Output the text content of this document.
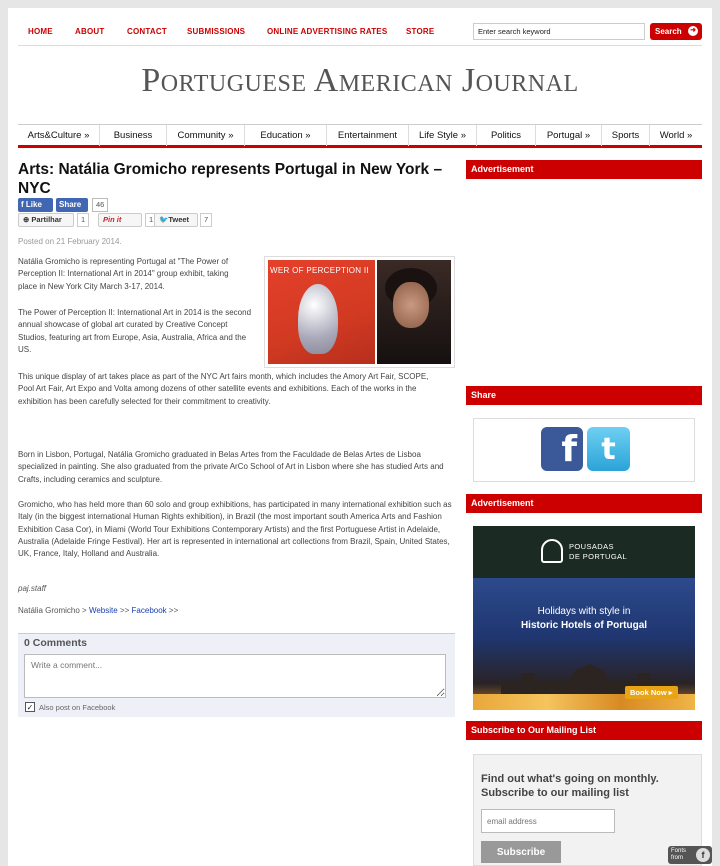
HOME	ABOUT	CONTACT	SUBMISSIONS	ONLINE ADVERTISING RATES STORE
Enter search keyword	Search ➜
Portuguese American Journal
Arts&Culture »	Business	Community »	Education »	Entertainment	Life Style »	Politics	Portugal »	Sports	World »
Arts: Natália Gromicho represents Portugal in New York – NYC
f Like	Share	46
⊕ Partilhar	1	Pin it	1 🐦Tweet	7
Posted on 21 February 2014.
WER OF PERCEPTION II
Natália Gromicho is representing Portugal at "The Power of Perception II: International Art in 2014" group exhibit, taking place in New York City March 3-17, 2014.
The Power of Perception II: International Art in 2014 is the second annual showcase of global art curated by Creative Concept Studios, featuring art from Europe, Asia, Australia, Africa and the US.
This unique display of art takes place as part of the NYC Art fairs month, which includes the Amory Art Fair, SCOPE, Pool Art Fair, Art Expo and Volta among dozens of other satellite events and exhibitions. Each of the works in the exhibition has been carefully selected for their commitment to creativity.
Born in Lisbon, Portugal, Natália Gromicho graduated in Belas Artes from the Faculdade de Belas Artes de Lisboa specialized in painting. She also graduated from the private ArCo School of Art in Lisbon where she has studied Arts and Crafts, including ceramics and sculpture.
Gromicho, who has held more than 60 solo and group exhibitions, has participated in many international exhibition such as Italy (in the biggest international Human Rights exhibition), in Brazil (the most important south America Arts and Fashion Exhibition Casa Cor), in Miami (World Tour Exhibitions Contemporary Artists) and the first Portuguese Artist in Adelaide, Australia (Adelaide Fringe Festival). Her art is represented in international art collections from Brazil, Spain, United States, UK, France, Italy, Holland and Australia.
paj.staff
Natália Gromicho > Website >> Facebook >>
0 Comments
Write a comment...
✓ Also post on Facebook
Advertisement
Share
f t
Advertisement
POUSADAS
DE PORTUGAL
Holidays with style in
Historic Hotels of Portugal
Book Now ▸
Subscribe to Our Mailing List
Find out what's going on monthly. Subscribe to our mailing list
email address
Subscribe	Fonts
from	f
